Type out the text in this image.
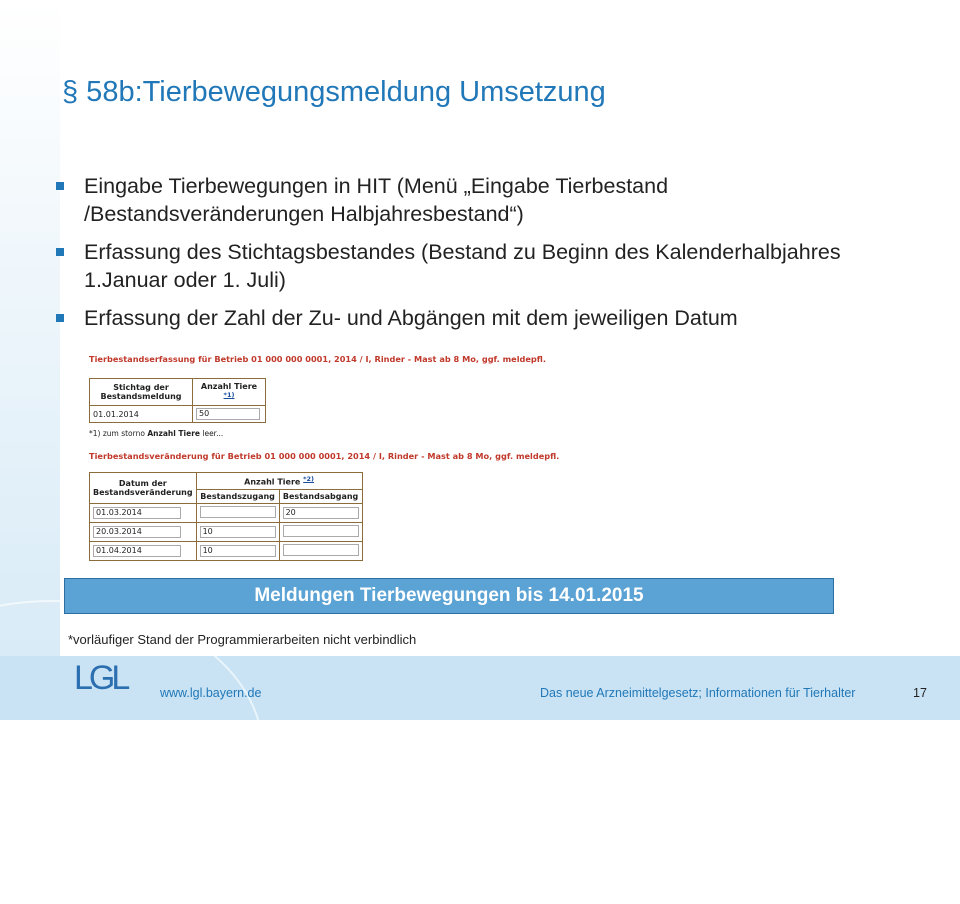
§ 58b:Tierbewegungsmeldung Umsetzung
Eingabe Tierbewegungen in HIT (Menü „Eingabe Tierbestand /Bestandsveränderungen Halbjahresbestand“)
Erfassung des Stichtagsbestandes (Bestand zu Beginn des Kalenderhalbjahres 1.Januar oder 1. Juli)
Erfassung der Zahl der Zu- und Abgängen mit dem jeweiligen Datum
Tierbestandserfassung für Betrieb 01 000 000 0001, 2014 / I, Rinder - Mast ab 8 Mo, ggf. meldepfl.
Stichtag der Bestandsmeldung	Anzahl Tiere $^{*1)}$
01.01.2014	50
*1) zum storno Anzahl Tiere leer...
Tierbestandsveränderung für Betrieb 01 000 000 0001, 2014 / I, Rinder - Mast ab 8 Mo, ggf. meldepfl.
Datum der Bestandsveränderung	Anzahl Tiere $^{*2)}$
	Bestandszugang	Bestandsabgang
01.03.2014		20
20.03.2014	10	
01.04.2014	10	
Meldungen Tierbewegungen bis 14.01.2015
*vorläufiger Stand der Programmierarbeiten nicht verbindlich
LGL	www.lgl.bayern.de	Das neue Arzneimittelgesetz; Informationen für Tierhalter	17
